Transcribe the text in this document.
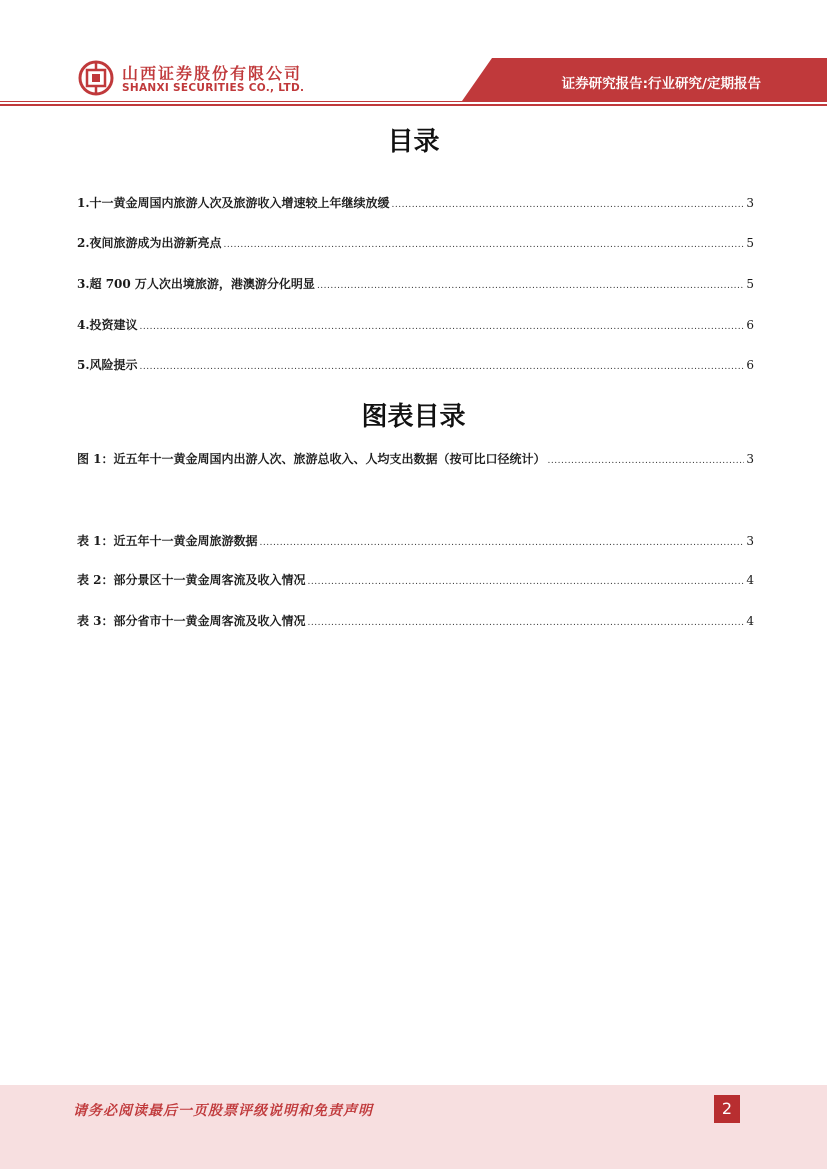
山西证券股份有限公司
SHANXI SECURITIES CO., LTD.	证券研究报告:行业研究/定期报告
目录
1.十一黄金周国内旅游人次及旅游收入增速较上年继续放缓 .....	3
2.夜间旅游成为出游新亮点 .....	5
3.超 700 万人次出境旅游，港澳游分化明显 .....	5
4.投资建议 .....	6
5.风险提示 .....	6
图表目录
图 1：近五年十一黄金周国内出游人次、旅游总收入、人均支出数据（按可比口径统计） .....	3
表 1：近五年十一黄金周旅游数据 .....	3
表 2：部分景区十一黄金周客流及收入情况 .....	4
表 3：部分省市十一黄金周客流及收入情况 .....	4
请务必阅读最后一页股票评级说明和免责声明	2
